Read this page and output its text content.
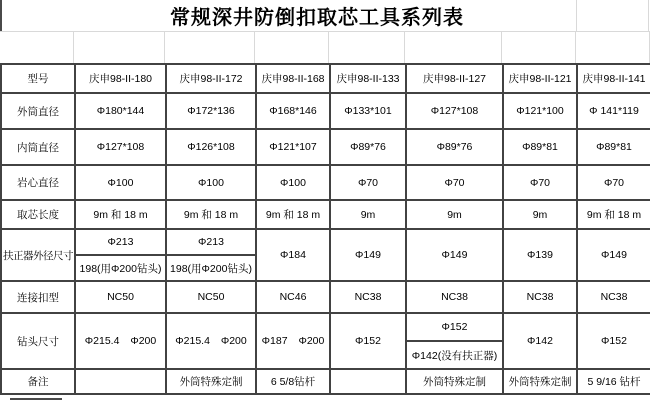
常规深井防倒扣取芯工具系列表
型号	庆申98-II-180	庆申98-II-172	庆申98-II-168	庆申98-II-133	庆申98-II-127	庆申98-II-121	庆申98-II-141
外筒直径	Φ180*144	Φ172*136	Φ168*146	Φ133*101	Φ127*108	Φ121*100	Φ 141*119
内筒直径	Φ127*108	Φ126*108	Φ121*107	Φ89*76	Φ89*76	Φ89*81	Φ89*81
岩心直径	Φ100	Φ100	Φ100	Φ70	Φ70	Φ70	Φ70
取芯长度	9m 和 18 m	9m 和 18 m	9m 和 18 m	9m	9m	9m	9m 和 18 m
扶正器外径尺寸	Φ213	Φ213	Φ184	Φ149	Φ149	Φ139	Φ149
	198(用Φ200钻头)	198(用Φ200钻头)					
连接扣型	NC50	NC50	NC46	NC38	NC38	NC38	NC38
钻头尺寸	Φ215.4 Φ200	Φ215.4 Φ200	Φ187 Φ200	Φ152	Φ152	Φ142	Φ152
					Φ142(没有扶正器)		
备注		外筒特殊定制	6 5/8钻杆		外筒特殊定制	外筒特殊定制	5 9/16 钻杆
